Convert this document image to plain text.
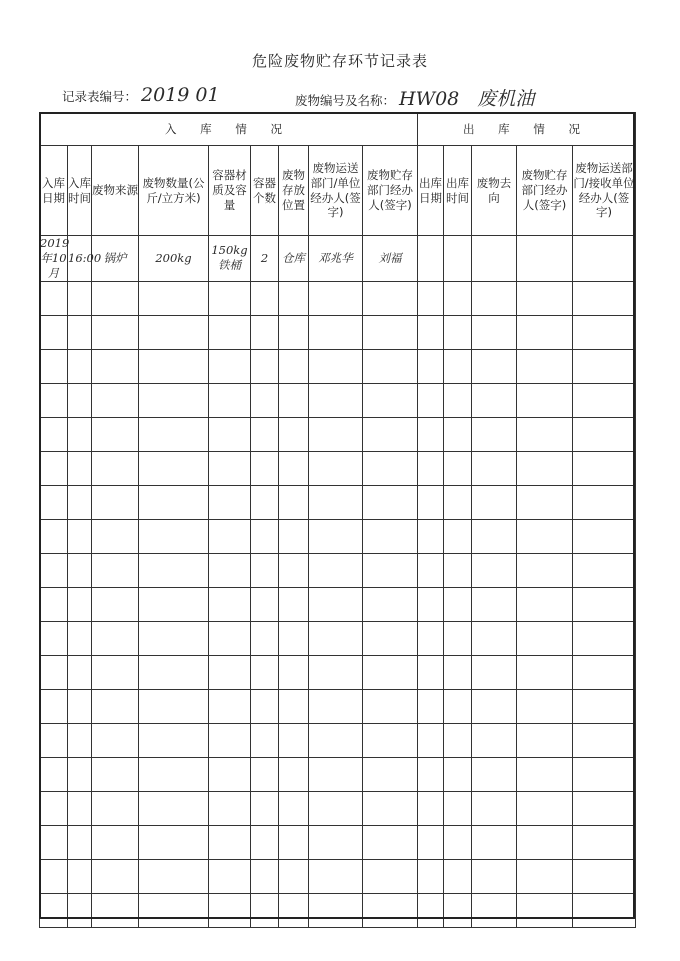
危险废物贮存环节记录表
记录表编号： 2019 01	废物编号及名称： HW08 废机油
入 库 情 况									出 库 情 况				
入库日期	入库时间	废物来源	废物数量(公斤/立方米)	容器材质及容量	容器个数	废物存放位置	废物运送部门/单位经办人(签字)	废物贮存部门经办人(签字)	出库日期	出库时间	废物去向	废物贮存部门经办人(签字)	废物运送部门/接收单位经办人(签字)
2019年10月	16:00	锅炉	200kg	150kg铁桶	2	仓库	邓兆华	刘福					
